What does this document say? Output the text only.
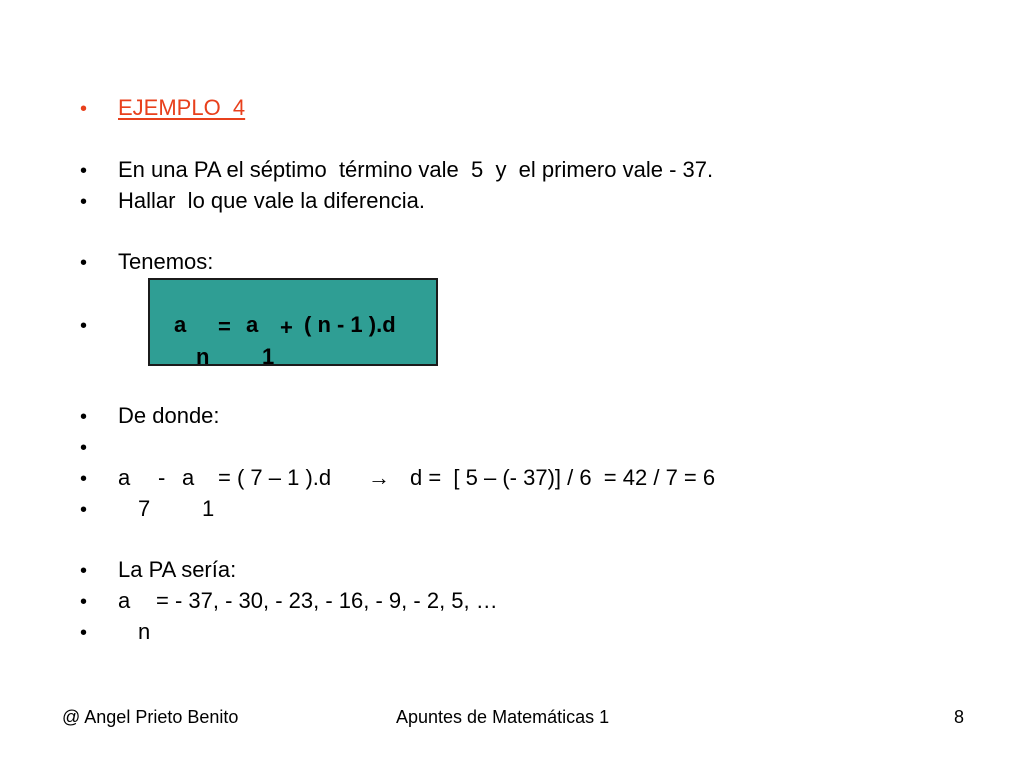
• EJEMPLO  4
• En una PA el séptimo  término vale  5  y  el primero vale - 37.
• Hallar  lo que vale la diferencia.
• Tenemos:
•	a = a + ( n - 1 ).d
n 1
• De donde:
•
• a - a = ( 7 – 1 ).d → d =  [ 5 – (- 37)] / 6  = 42 / 7 = 6
• 7 1
• La PA sería:
• a = - 37, - 30, - 23, - 16, - 9, - 2, 5, …
• n
@ Angel Prieto Benito	Apuntes de Matemáticas 1	8
